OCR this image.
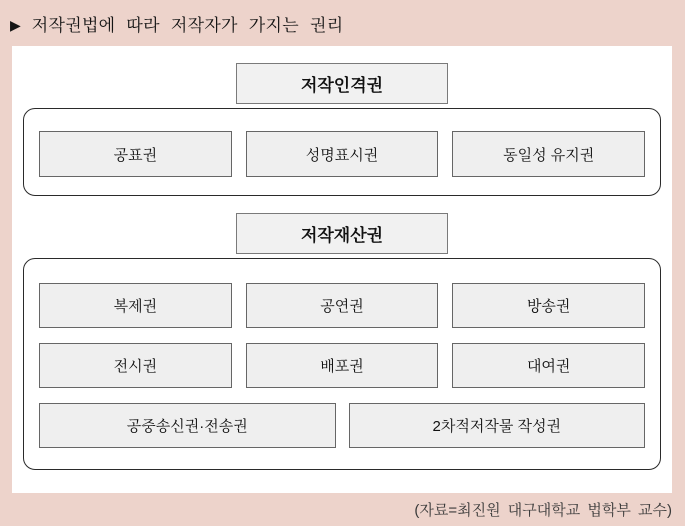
▶ 저작권법에 따라 저작자가 가지는 권리
저작인격권
공표권	성명표시권	동일성 유지권
저작재산권
복제권	공연권	방송권
전시권	배포권	대여권
공중송신권·전송권	2차적저작물 작성권
(자료=최진원 대구대학교 법학부 교수)
